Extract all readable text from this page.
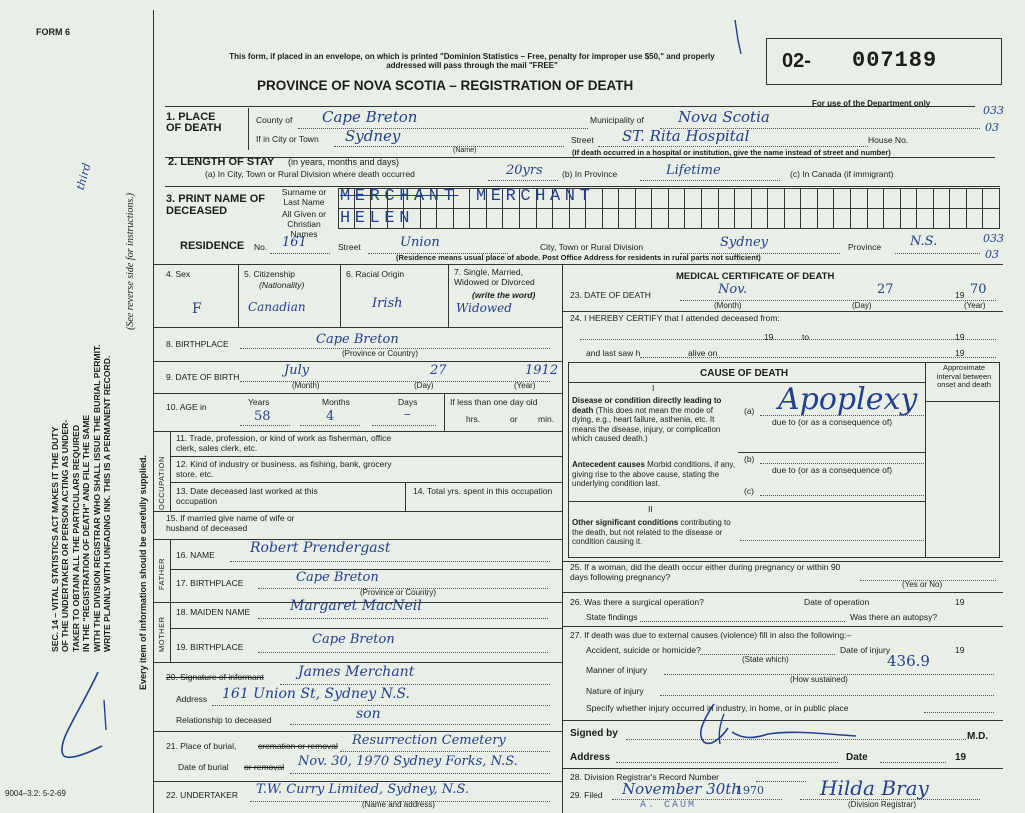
FORM 6
SEC. 14 – VITAL STATISTICS ACT MAKES IT THE DUTY OF THE UNDERTAKER OR PERSON ACTING AS UNDER- TAKER TO OBTAIN ALL THE PARTICULARS REQUIRED IN THE "REGISTRATION OF DEATH" AND FILE THE SAME WITH THE DIVISION REGISTRAR WHO SHALL ISSUE THE BURIAL PERMIT. WRITE PLAINLY WITH UNFADING INK. THIS IS A PERMANENT RECORD.
(See reverse side for instructions.)
Every item of information should be carefully supplied.
third
9004–3.2: 5-2-69
This form, if placed in an envelope, on which is printed "Dominion Statistics – Free, penalty for improper use $50," and properly addressed will pass through the mail "FREE"
PROVINCE OF NOVA SCOTIA – REGISTRATION OF DEATH
02- 007189
For use of the Department only
033
03
033
03
1. PLACE OF DEATH
County of Cape Breton	Municipality of Nova Scotia
If in City or Town Sydney
(Name)
Street ST. Rita Hospital	House No.
(If death occurred in a hospital or institution, give the name instead of street and number)
2. LENGTH OF STAY (in years, months and days)
(a) In City, Town or Rural Division where death occurred	20yrs (b) In Province	Lifetime	(c) In Canada (if immigrant)
3. PRINT NAME OF DECEASED
Surname or Last Name
All Given or Christian Names
MERCHANT MERCHANT
HELEN
RESIDENCE No. 161	Street	Union	City, Town or Rural Division	Sydney	Province N.S.
(Residence means usual place of abode. Post Office Address for residents in rural parts not sufficient)
4. Sex
F
5. Citizenship
(Nationality)
Canadian
6. Racial Origin
Irish
7. Single, Married, Widowed or Divorced
(write the word)
Widowed
8. BIRTHPLACE	Cape Breton
(Province or Country)
9. DATE OF BIRTH	July	27	1912
(Month)	(Day)	(Year)
10. AGE in	Years
58
Months
4
Days
–
If less than one day old
hrs.	or min.
OCCUPATION
11. Trade, profession, or kind of work as fisherman, office clerk, sales clerk, etc.
12. Kind of industry or business, as fishing, bank, grocery store, etc.
13. Date deceased last worked at this occupation
14. Total yrs. spent in this occupation
15. If married give name of wife or husband of deceased
FATHER
16. NAME	Robert Prendergast
17. BIRTHPLACE	Cape Breton
(Province or Country)
MOTHER
18. MAIDEN NAME	Margaret MacNeil
19. BIRTHPLACE	Cape Breton
20. Signature of informant James Merchant
Address 161 Union St, Sydney N.S.
Relationship to deceased	son
21. Place of burial,	cremation or removal Resurrection Cemetery
Date of burial or removal Nov. 30, 1970 Sydney Forks, N.S.
22. UNDERTAKER T.W. Curry Limited, Sydney, N.S.
(Name and address)
MEDICAL CERTIFICATE OF DEATH
23. DATE OF DEATH	Nov.	27	19 70
(Month)	(Day)	(Year)
24. I HEREBY CERTIFY that I attended deceased from:
19	to	19
and last saw h	alive on	19
CAUSE OF DEATH
Approximate interval between onset and death
I
Disease or condition directly leading to death (This does not mean the mode of dying, e.g., heart failure, asthenia, etc. It means the disease, injury, or complication which caused death.)
(a) Apoplexy
due to (or as a consequence of)
Antecedent causes Morbid conditions, if any, giving rise to the above cause, stating the underlying condition last.
(b)
due to (or as a consequence of)
(c)
II
Other significant conditions contributing to the death, but not related to the disease or condition causing it.
25. If a woman, did the death occur either during pregnancy or within 90 days following pregnancy?
(Yes or No)
26. Was there a surgical operation?	Date of operation	19
State findings	Was there an autopsy?
27. If death was due to external causes (violence) fill in also the following:–
Accident, suicide or homicide?	Date of injury	19
(State which)	436.9
Manner of injury
(How sustained)
Nature of injury
Specify whether injury occurred in industry, in home, or in public place
Signed by	M.D.
Address	Date	19
28. Division Registrar's Record Number
29. Filed November 30th
1970	Hilda Bray
(Division Registrar)
A. CAUM
